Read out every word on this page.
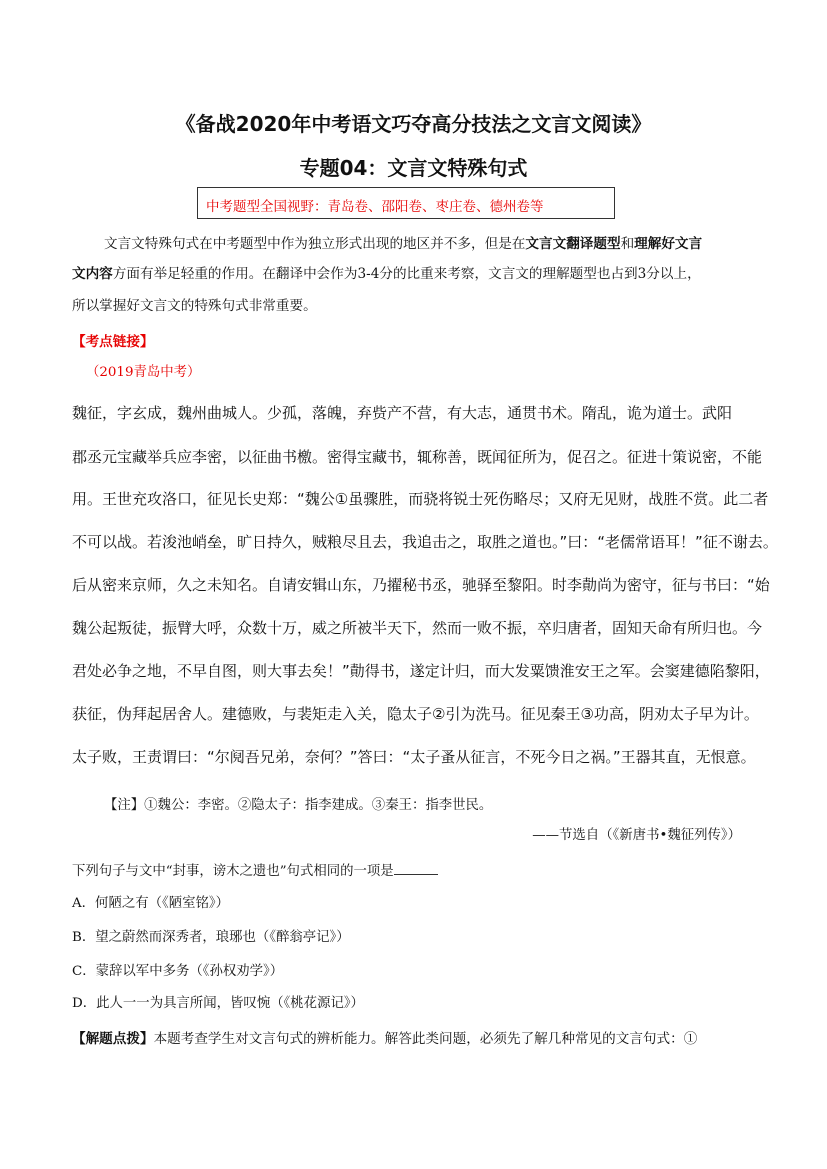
《备战2020年中考语文巧夺高分技法之文言文阅读》
专题04：文言文特殊句式
中考题型全国视野：青岛卷、邵阳卷、枣庄卷、德州卷等
文言文特殊句式在中考题型中作为独立形式出现的地区并不多，但是在文言文翻译题型和理解好文言
文内容方面有举足轻重的作用。在翻译中会作为3-4分的比重来考察，文言文的理解题型也占到3分以上，
所以掌握好文言文的特殊句式非常重要。
【考点链接】
（2019青岛中考）
魏征，字玄成，魏州曲城人。少孤，落魄，弃赀产不营，有大志，通贯书术。隋乱，诡为道士。武阳
郡丞元宝藏举兵应李密，以征曲书檄。密得宝藏书，辄称善，既闻征所为，促召之。征进十策说密，不能
用。王世充攻洛口，征见长史郑：“魏公①虽骤胜，而骁将锐士死伤略尽；又府无见财，战胜不赏。此二者
不可以战。若浚池峭垒，旷日持久，贼粮尽且去，我追击之，取胜之道也。”曰：“老儒常语耳！”征不谢去。
后从密来京师，久之未知名。自请安辑山东，乃擢秘书丞，驰驿至黎阳。时李勣尚为密守，征与书曰：“始
魏公起叛徒，振臂大呼，众数十万，威之所被半天下，然而一败不振，卒归唐者，固知天命有所归也。今
君处必争之地，不早自图，则大事去矣！”勣得书，遂定计归，而大发粟馈淮安王之军。会窦建德陷黎阳，
获征，伪拜起居舍人。建德败，与裴矩走入关，隐太子②引为洗马。征见秦王③功高，阴劝太子早为计。
太子败，王责谓曰：“尔阋吾兄弟，奈何？”答曰：“太子蚤从征言，不死今日之祸。”王器其直，无恨意。
【注】①魏公：李密。②隐太子：指李建成。③秦王：指李世民。
——节选自（《新唐书•魏征列传》）
下列句子与文中“封事，谤木之遗也”句式相同的一项是
A．何陋之有（《陋室铭》）
B．望之蔚然而深秀者，琅琊也（《醉翁亭记》）
C．蒙辞以军中多务（《孙权劝学》）
D．此人一一为具言所闻，皆叹惋（《桃花源记》）
【解题点拨】本题考查学生对文言句式的辨析能力。解答此类问题，必须先了解几种常见的文言句式：①
